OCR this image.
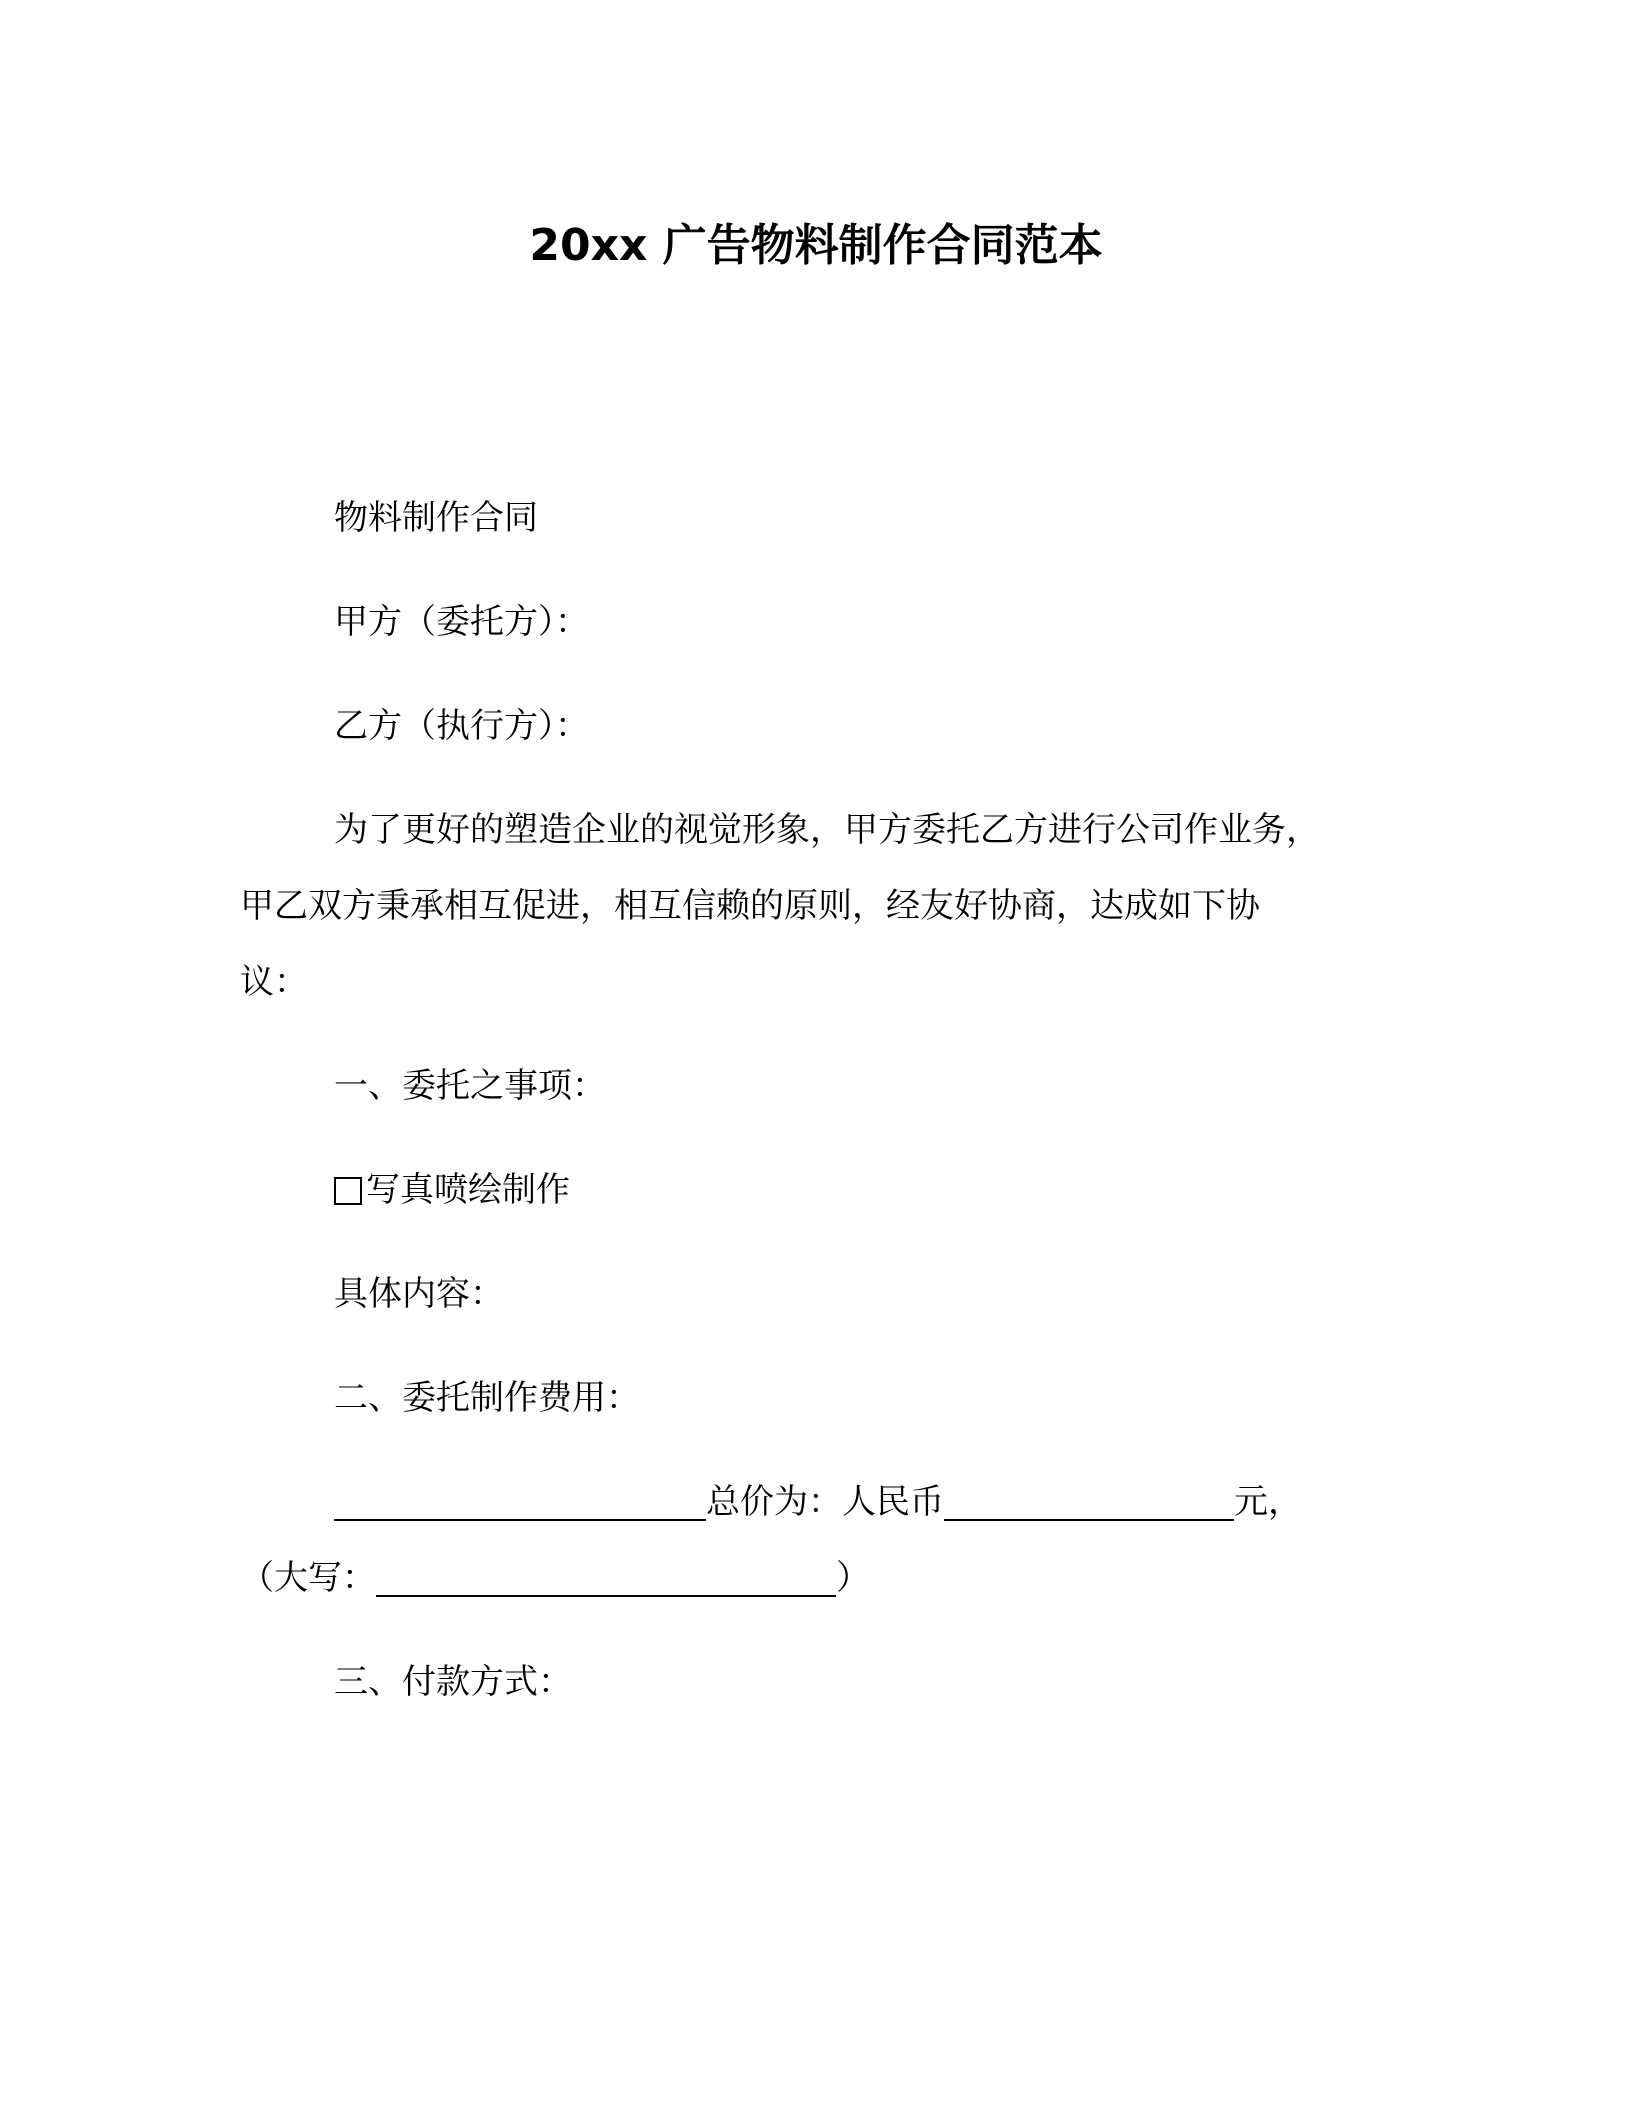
20xx 广告物料制作合同范本
物料制作合同
甲方（委托方）：
乙方（执行方）：
为了更好的塑造企业的视觉形象，甲方委托乙方进行公司作业务，
甲乙双方秉承相互促进，相互信赖的原则，经友好协商，达成如下协
议：
一、委托之事项：
写真喷绘制作
具体内容：
二、委托制作费用：
总价为：人民币	元，
（大写：	）
三、付款方式：
